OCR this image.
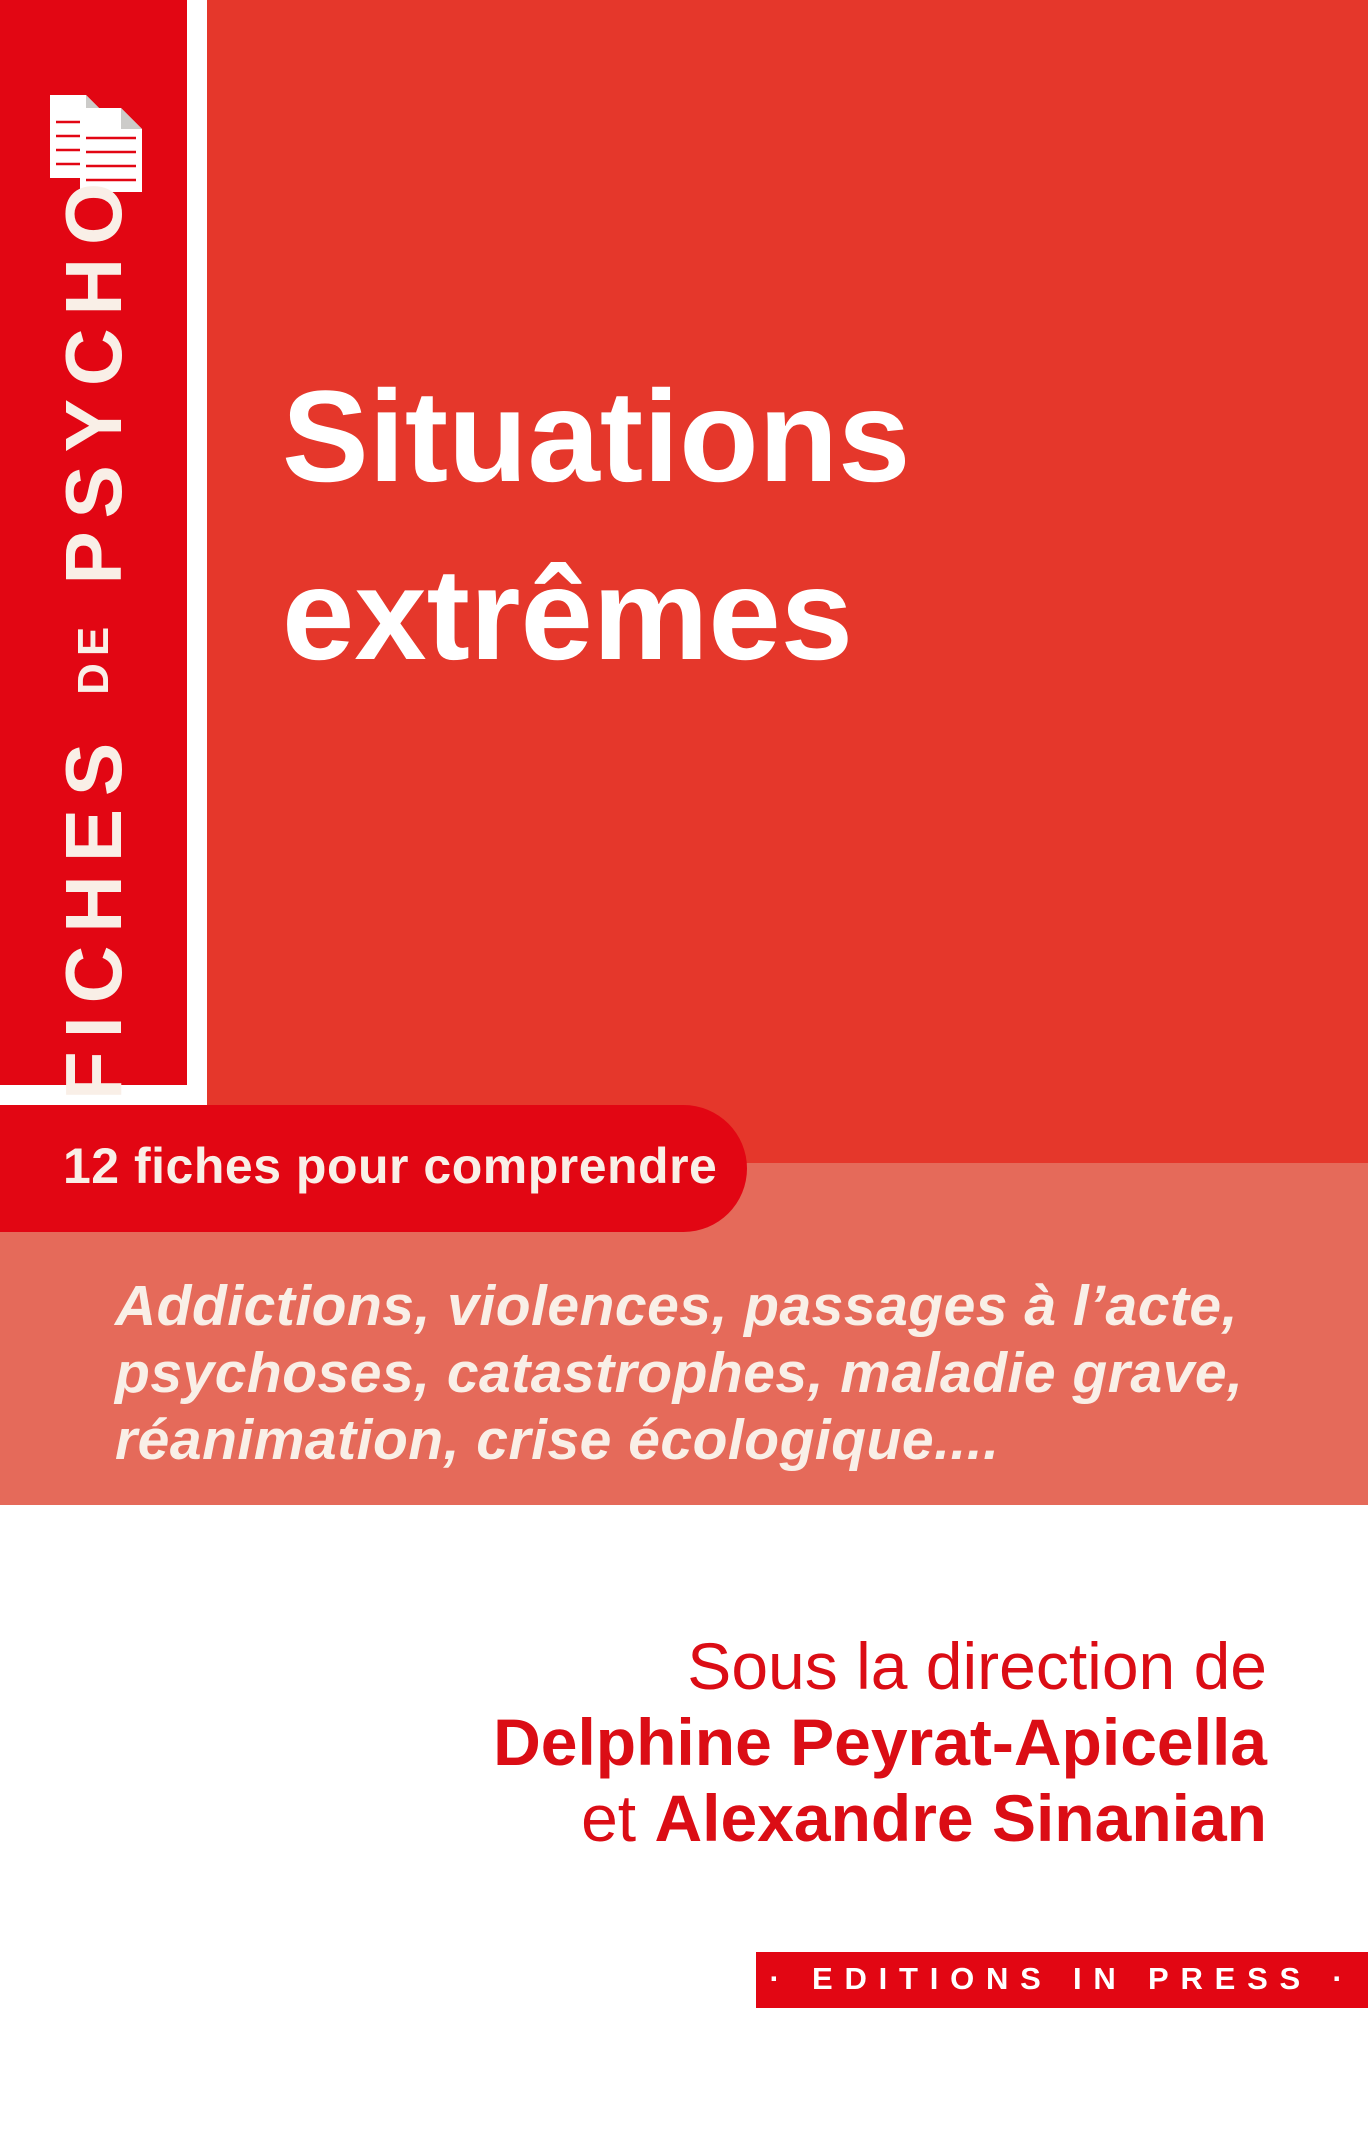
FICHES DE PSYCHO Situations
extrêmes
12 fiches pour comprendre
Addictions, violences, passages à l’acte,
psychoses, catastrophes, maladie grave,
réanimation, crise écologique....
Sous la direction de
Delphine Peyrat-Apicella
et Alexandre Sinanian
· EDITIONS IN PRESS ·
